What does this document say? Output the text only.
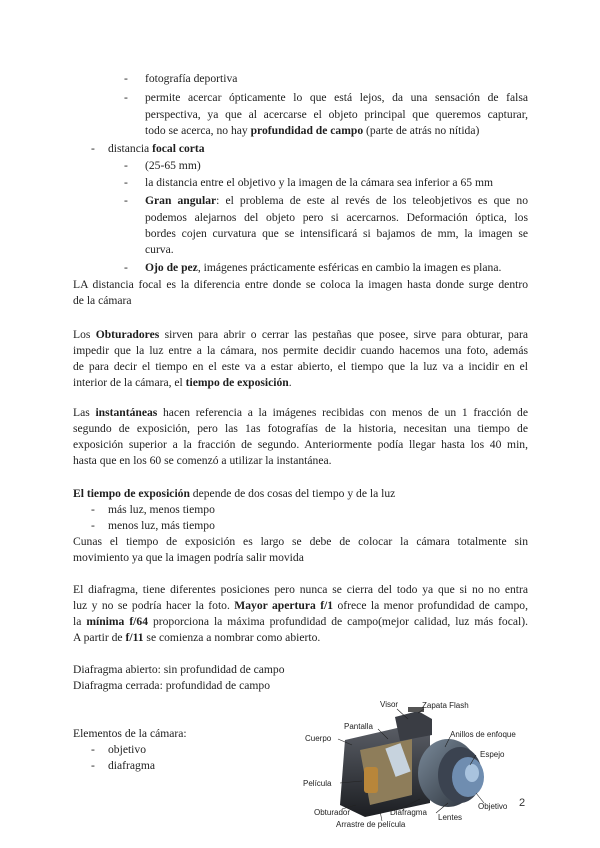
- fotografía deportiva
- permite acercar ópticamente lo que está lejos, da una sensación de falsa
perspectiva, ya que al acercarse el objeto principal que queremos capturar,
todo se acerca, no hay profundidad de campo (parte de atrás no nítida)
- distancia focal corta
- (25-65 mm)
- la distancia entre el objetivo y la imagen de la cámara sea inferior a 65 mm
- Gran angular: el problema de este al revés de los teleobjetivos es que no
podemos alejarnos del objeto pero si acercarnos. Deformación óptica, los
bordes cojen curvatura que se intensificará si bajamos de mm, la imagen se
curva.
- Ojo de pez, imágenes prácticamente esféricas en cambio la imagen es plana.
LA distancia focal es la diferencia entre donde se coloca la imagen hasta donde surge dentro
de la cámara
Los Obturadores sirven para abrir o cerrar las pestañas que posee, sirve para obturar, para
impedir que la luz entre a la cámara, nos permite decidir cuando hacemos una foto, además
de para decir el tiempo en el este va a estar abierto, el tiempo que la luz va a incidir en el
interior de la cámara, el tiempo de exposición.
Las instantáneas hacen referencia a la imágenes recibidas con menos de un 1 fracción de
segundo de exposición, pero las 1as fotografías de la historia, necesitan una tiempo de
exposición superior a la fracción de segundo. Anteriormente podía llegar hasta los 40 min,
hasta que en los 60 se comenzó a utilizar la instantánea.
El tiempo de exposición depende de dos cosas del tiempo y de la luz
- más luz, menos tiempo
- menos luz, más tiempo
Cunas el tiempo de exposición es largo se debe de colocar la cámara totalmente sin
movimiento ya que la imagen podría salir movida
El diafragma, tiene diferentes posiciones pero nunca se cierra del todo ya que si no no entra
luz y no se podría hacer la foto. Mayor apertura f/1 ofrece la menor profundidad de campo,
la mínima f/64 proporciona la máxima profundidad de campo(mejor calidad, luz más focal).
A partir de f/11 se comienza a nombrar como abierto.
Diafragma abierto: sin profundidad de campo
Diafragma cerrada: profundidad de campo
Elementos de la cámara:
- objetivo
- diafragma
Visor	Zapata Flash
Pantalla
Cuerpo	Anillos de enfoque
Espejo
Película
Objetivo
Obturador	Diafragma
Lentes
Arrastre de película
2
